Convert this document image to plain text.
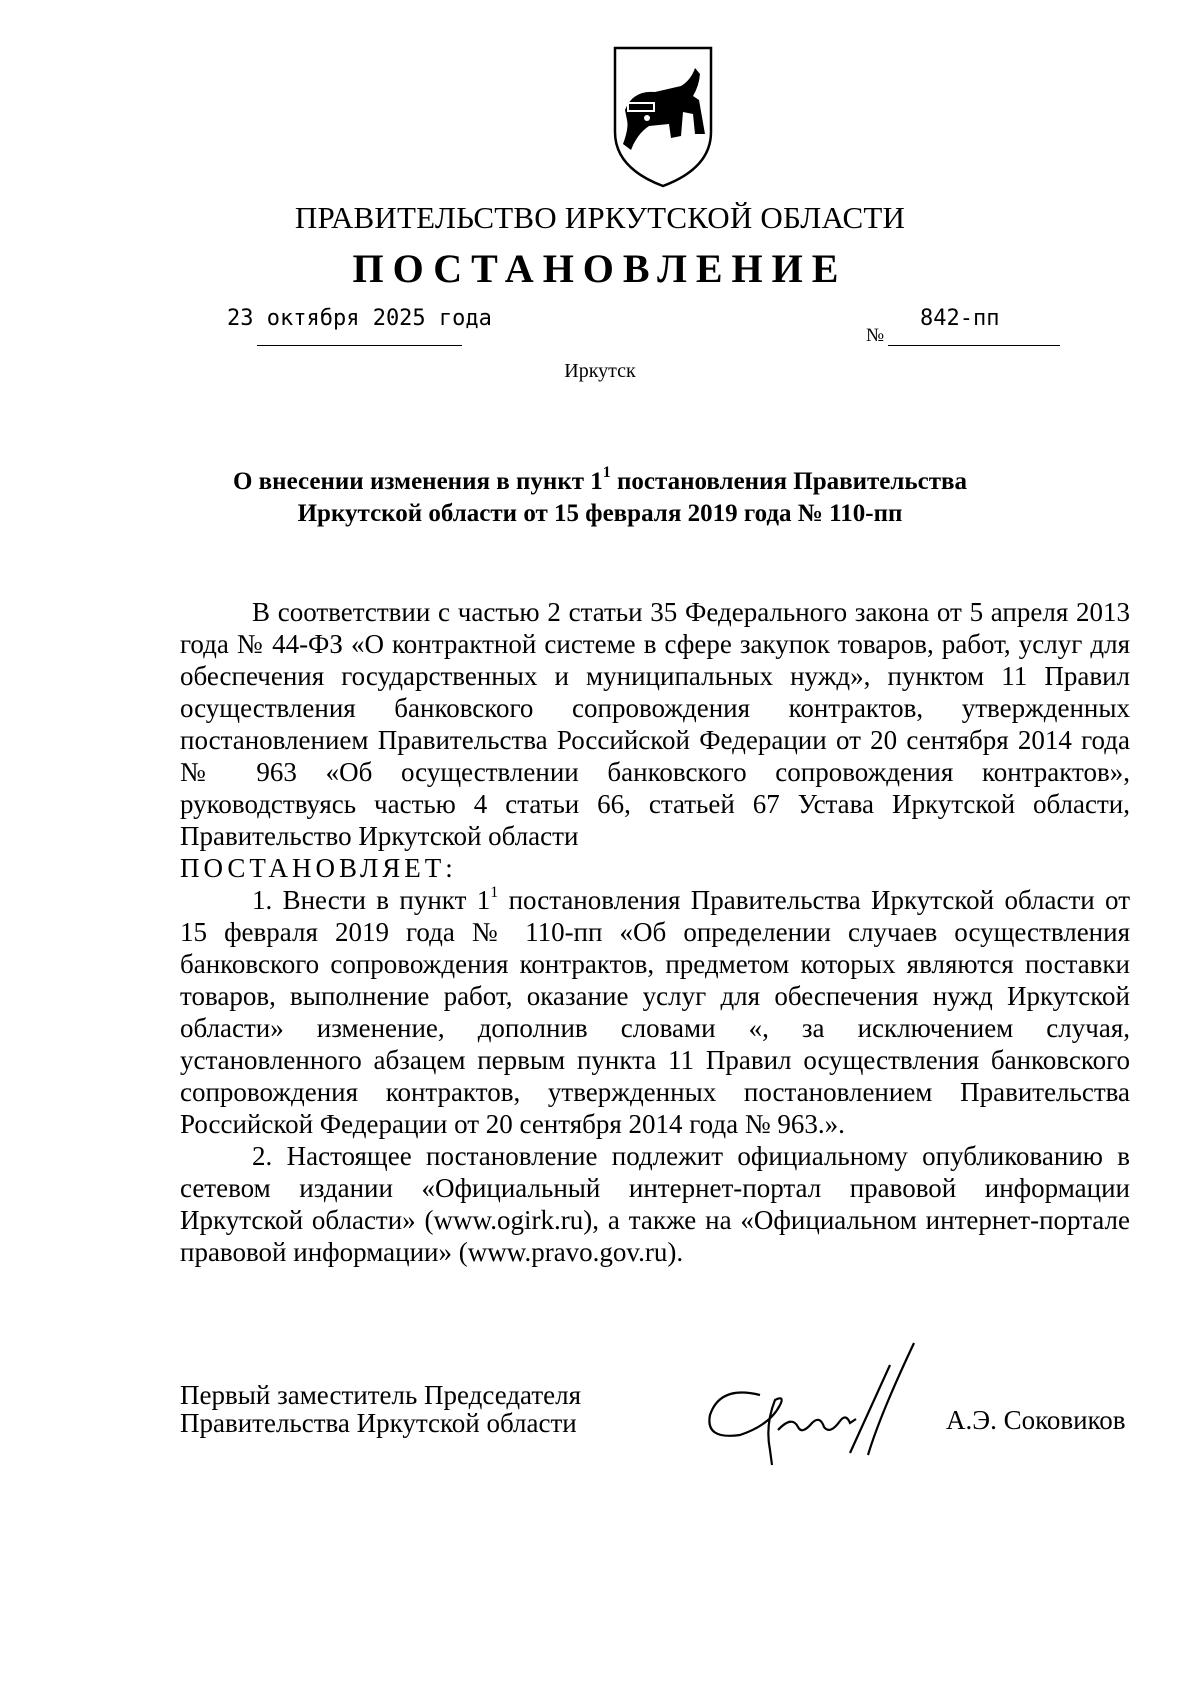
ПРАВИТЕЛЬСТВО ИРКУТСКОЙ ОБЛАСТИ
ПОСТАНОВЛЕНИЕ
23 октября 2025 года
№
842-пп
Иркутск
О внесении изменения в пункт $1^1$ постановления Правительства
Иркутской области от 15 февраля 2019 года № 110-пп

В соответствии с частью 2 статьи 35 Федерального закона от 5 апреля 2013 года № 44-ФЗ «О контрактной системе в сфере закупок товаров, работ, услуг для обеспечения государственных и муниципальных нужд», пунктом 11 Правил осуществления банковского сопровождения контрактов, утвержденных постановлением Правительства Российской Федерации от 20 сентября 2014 года № 963 «Об осуществлении банковского сопровождения контрактов», руководствуясь частью 4 статьи 66, статьей 67 Устава Иркутской области, Правительство Иркутской области

ПОСТАНОВЛЯЕТ:

1. Внести в пункт $1^1$ постановления Правительства Иркутской области от 15 февраля 2019 года № 110-пп «Об определении случаев осуществления банковского сопровождения контрактов, предметом которых являются поставки товаров, выполнение работ, оказание услуг для обеспечения нужд Иркутской области» изменение, дополнив словами «, за исключением случая, установленного абзацем первым пункта 11 Правил осуществления банковского сопровождения контрактов, утвержденных постановлением Правительства Российской Федерации от 20 сентября 2014 года № 963.».

2. Настоящее постановление подлежит официальному опубликованию в сетевом издании «Официальный интернет-портал правовой информации Иркутской области» (www.ogirk.ru), а также на «Официальном интернет-портале правовой информации» (www.pravo.gov.ru).

Первый заместитель Председателя
Правительства Иркутской области	А.Э. Соковиков
